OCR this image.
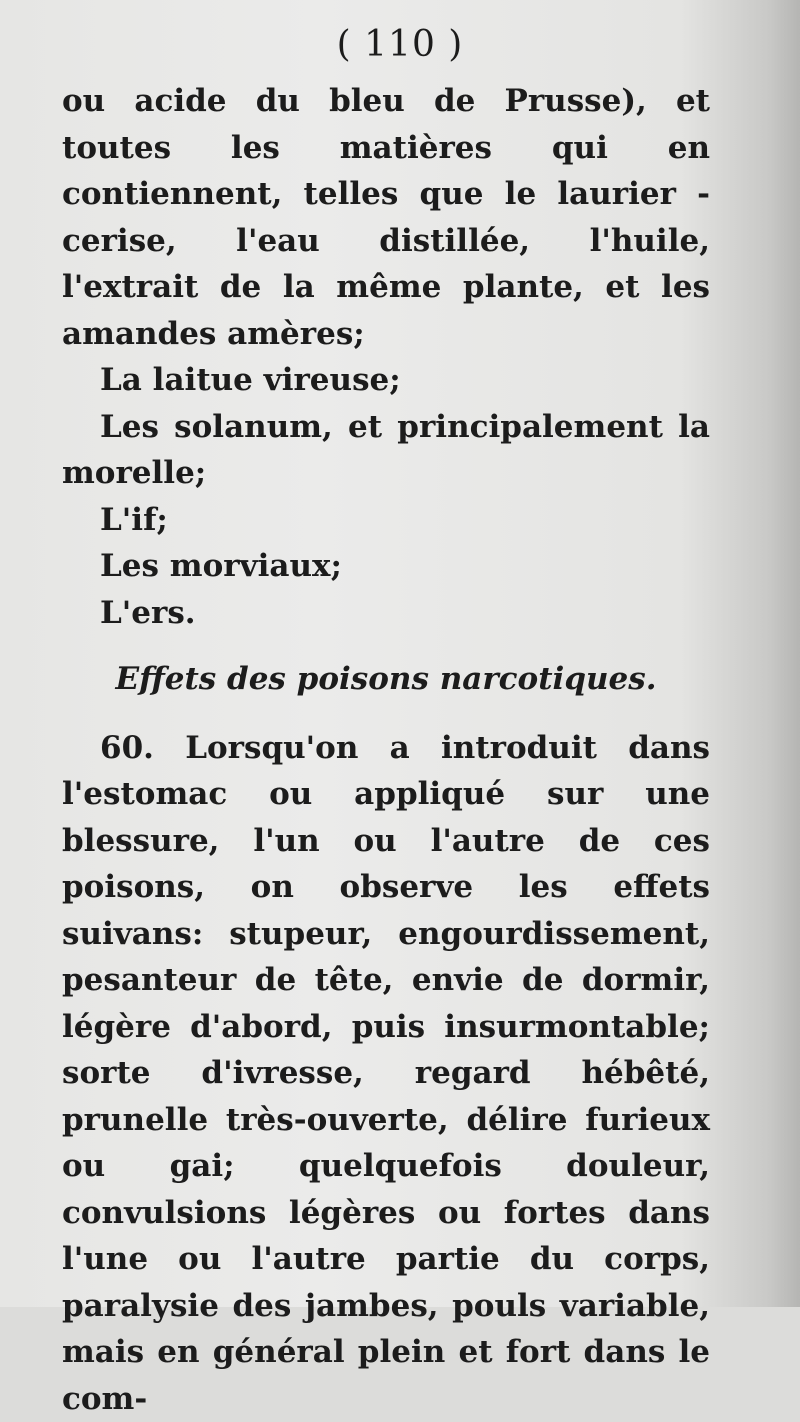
( 110 )

ou acide du bleu de Prusse), et toutes les matières qui en contiennent, telles que le laurier - cerise, l'eau distillée, l'huile, l'extrait de la même plante, et les amandes amères;

La laitue vireuse;

Les solanum, et principalement la morelle;

L'if;

Les morviaux;

L'ers.

Effets des poisons narcotiques.

60. Lorsqu'on a introduit dans l'estomac ou appliqué sur une blessure, l'un ou l'autre de ces poisons, on observe les effets suivans: stupeur, engourdissement, pesanteur de tête, envie de dormir, légère d'abord, puis insurmontable; sorte d'ivresse, regard hébêté, prunelle très-ouverte, délire furieux ou gai; quelquefois douleur, convulsions légères ou fortes dans l'une ou l'autre partie du corps, paralysie des jambes, pouls variable, mais en général plein et fort dans le com-
